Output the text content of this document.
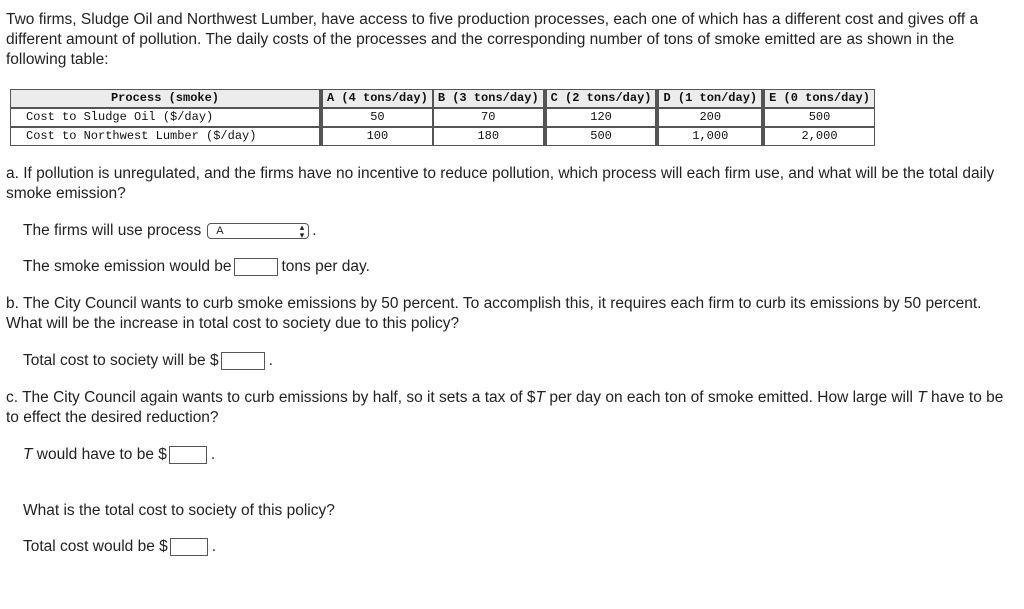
Two firms, Sludge Oil and Northwest Lumber, have access to five production processes, each one of which has a different cost and gives off a different amount of pollution. The daily costs of the processes and the corresponding number of tons of smoke emitted are as shown in the following table:

Process (smoke)	A (4 tons/day)	B (3 tons/day)	C (2 tons/day)	D (1 ton/day)	E (0 tons/day)
Cost to Sludge Oil ($/day)	50	70	120	200	500
Cost to Northwest Lumber ($/day)	100	180	500	1,000	2,000

a. If pollution is unregulated, and the firms have no incentive to reduce pollution, which process will each firm use, and what will be the total daily smoke emission?

The firms will use process A	▴
▾ .
The smoke emission would be	tons per day.

b. The City Council wants to curb smoke emissions by 50 percent. To accomplish this, it requires each firm to curb its emissions by 50 percent. What will be the increase in total cost to society due to this policy?

Total cost to society will be $	.

c. The City Council again wants to curb emissions by half, so it sets a tax of $T per day on each ton of smoke emitted. How large will T have to be to effect the desired reduction?

T would have to be $	.
What is the total cost to society of this policy?
Total cost would be $	.
